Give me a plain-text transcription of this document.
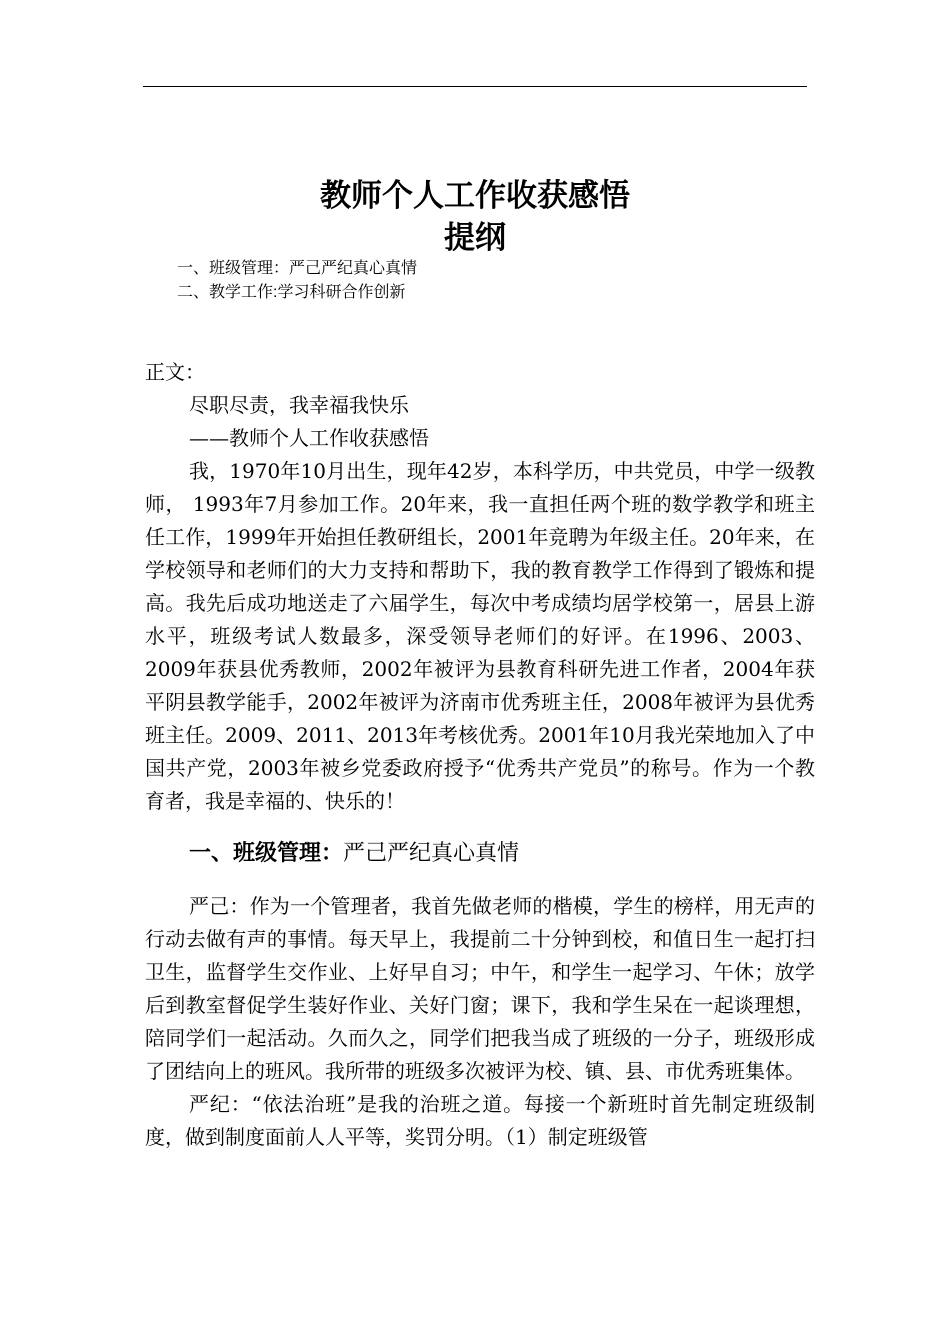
教师个人工作收获感悟
提纲
一、班级管理：严己严纪真心真情
二、教学工作:学习科研合作创新

正文：

尽职尽责，我幸福我快乐

——教师个人工作收获感悟

我，1970年10月出生，现年42岁，本科学历，中共党员，中学一级教师， 1993年7月参加工作。20年来，我一直担任两个班的数学教学和班主任工作，1999年开始担任教研组长，2001年竞聘为年级主任。20年来，在学校领导和老师们的大力支持和帮助下，我的教育教学工作得到了锻炼和提高。我先后成功地送走了六届学生，每次中考成绩均居学校第一，居县上游水平，班级考试人数最多，深受领导老师们的好评。在1996、2003、2009年获县优秀教师，2002年被评为县教育科研先进工作者，2004年获平阴县教学能手，2002年被评为济南市优秀班主任，2008年被评为县优秀班主任。2009、2011、2013年考核优秀。2001年10月我光荣地加入了中国共产党，2003年被乡党委政府授予“优秀共产党员”的称号。作为一个教育者，我是幸福的、快乐的！

一、班级管理：严己严纪真心真情

严己：作为一个管理者，我首先做老师的楷模，学生的榜样，用无声的行动去做有声的事情。每天早上，我提前二十分钟到校，和值日生一起打扫卫生，监督学生交作业、上好早自习；中午，和学生一起学习、午休；放学后到教室督促学生装好作业、关好门窗；课下，我和学生呆在一起谈理想，陪同学们一起活动。久而久之，同学们把我当成了班级的一分子，班级形成了团结向上的班风。我所带的班级多次被评为校、镇、县、市优秀班集体。

严纪：“依法治班”是我的治班之道。每接一个新班时首先制定班级制度，做到制度面前人人平等，奖罚分明。（1）制定班级管
